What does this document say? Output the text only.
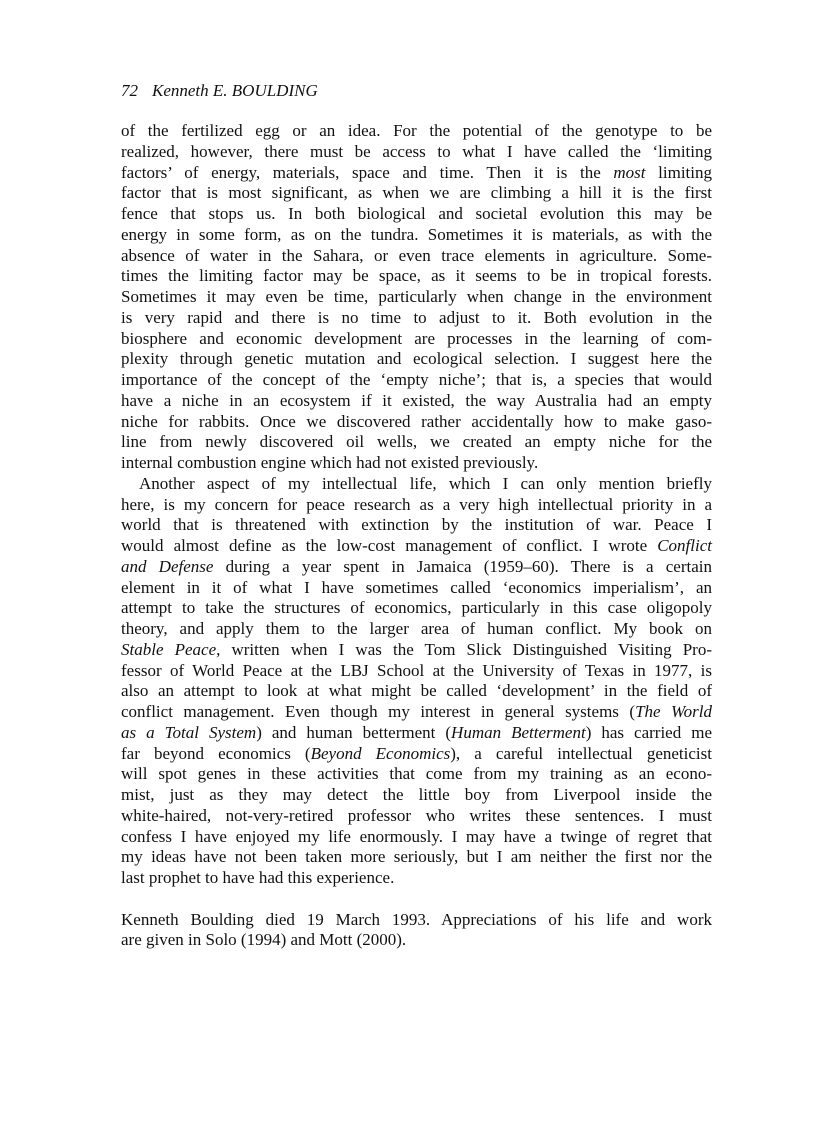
72 Kenneth E. BOULDING
of the fertilized egg or an idea. For the potential of the genotype to be
realized, however, there must be access to what I have called the ‘limiting
factors’ of energy, materials, space and time. Then it is the most limiting
factor that is most significant, as when we are climbing a hill it is the first
fence that stops us. In both biological and societal evolution this may be
energy in some form, as on the tundra. Sometimes it is materials, as with the
absence of water in the Sahara, or even trace elements in agriculture. Some-
times the limiting factor may be space, as it seems to be in tropical forests.
Sometimes it may even be time, particularly when change in the environment
is very rapid and there is no time to adjust to it. Both evolution in the
biosphere and economic development are processes in the learning of com-
plexity through genetic mutation and ecological selection. I suggest here the
importance of the concept of the ‘empty niche’; that is, a species that would
have a niche in an ecosystem if it existed, the way Australia had an empty
niche for rabbits. Once we discovered rather accidentally how to make gaso-
line from newly discovered oil wells, we created an empty niche for the
internal combustion engine which had not existed previously.
Another aspect of my intellectual life, which I can only mention briefly
here, is my concern for peace research as a very high intellectual priority in a
world that is threatened with extinction by the institution of war. Peace I
would almost define as the low-cost management of conflict. I wrote Conflict
and Defense during a year spent in Jamaica (1959–60). There is a certain
element in it of what I have sometimes called ‘economics imperialism’, an
attempt to take the structures of economics, particularly in this case oligopoly
theory, and apply them to the larger area of human conflict. My book on
Stable Peace, written when I was the Tom Slick Distinguished Visiting Pro-
fessor of World Peace at the LBJ School at the University of Texas in 1977, is
also an attempt to look at what might be called ‘development’ in the field of
conflict management. Even though my interest in general systems (The World
as a Total System) and human betterment (Human Betterment) has carried me
far beyond economics (Beyond Economics), a careful intellectual geneticist
will spot genes in these activities that come from my training as an econo-
mist, just as they may detect the little boy from Liverpool inside the
white-haired, not-very-retired professor who writes these sentences. I must
confess I have enjoyed my life enormously. I may have a twinge of regret that
my ideas have not been taken more seriously, but I am neither the first nor the
last prophet to have had this experience.
Kenneth Boulding died 19 March 1993. Appreciations of his life and work
are given in Solo (1994) and Mott (2000).
